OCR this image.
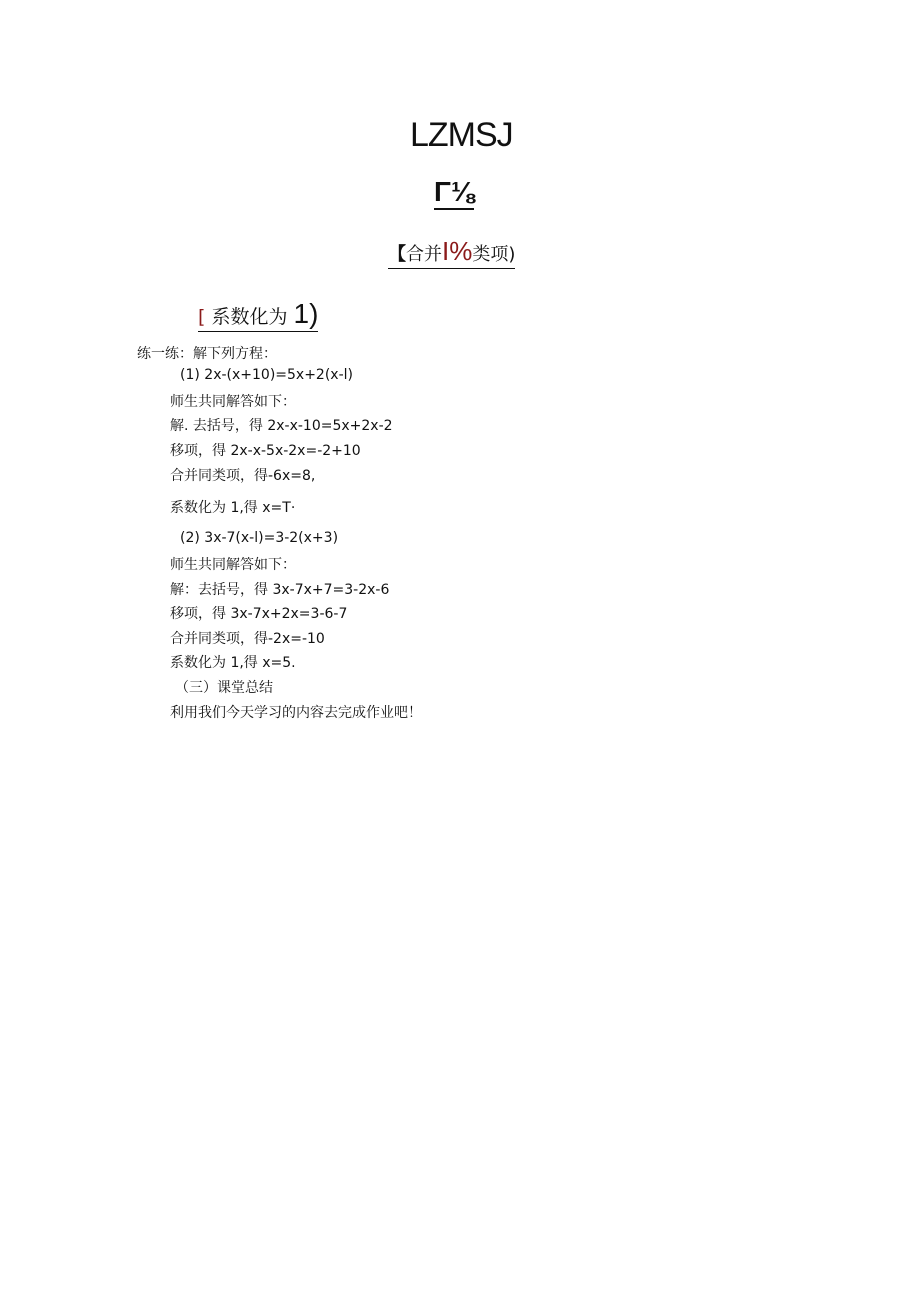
LZMSJ
Γ⅛
【合并I%类项)
[ 系数化为 1)
练一练：解下列方程：
(1) 2x-(x+10)=5x+2(x-l)
师生共同解答如下：
解. 去括号，得 2x-x-10=5x+2x-2
移项，得 2x-x-5x-2x=-2+10
合并同类项，得-6x=8,
系数化为 1,得 x=T·
(2) 3x-7(x-l)=3-2(x+3)
师生共同解答如下：
解：去括号，得 3x-7x+7=3-2x-6
移项，得 3x-7x+2x=3-6-7
合并同类项，得-2x=-10
系数化为 1,得 x=5.
（三）课堂总结
利用我们今天学习的内容去完成作业吧！
